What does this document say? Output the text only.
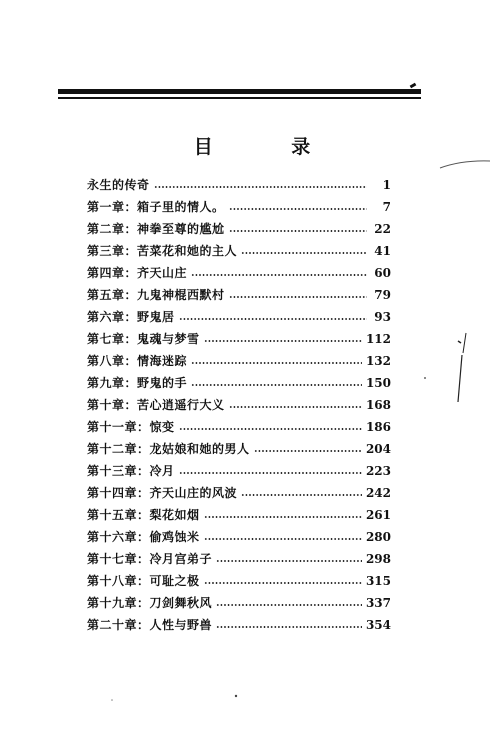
目 录
永生的传奇	1
第一章：箱子里的情人。	7
第二章：神拳至尊的尴尬	22
第三章：苦菜花和她的主人	41
第四章：齐天山庄	60
第五章：九鬼神棍西默村	79
第六章：野鬼居	93
第七章：鬼魂与梦雪	112
第八章：情海迷踪	132
第九章：野鬼的手	150
第十章：苦心逍遥行大义	168
第十一章：惊变	186
第十二章：龙姑娘和她的男人	204
第十三章：冷月	223
第十四章：齐天山庄的风波	242
第十五章：梨花如烟	261
第十六章：偷鸡蚀米	280
第十七章：冷月宫弟子	298
第十八章：可耻之极	315
第十九章：刀剑舞秋风	337
第二十章：人性与野兽	354
